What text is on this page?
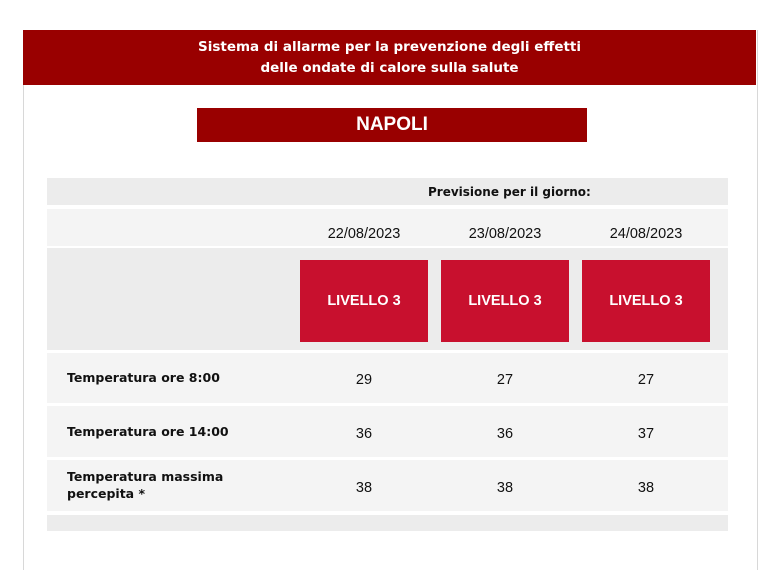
Sistema di allarme per la prevenzione degli effetti
delle ondate di calore sulla salute
NAPOLI
Previsione per il giorno:
22/08/2023	23/08/2023	24/08/2023
LIVELLO 3	LIVELLO 3	LIVELLO 3
Temperatura ore 8:00	29	27	27
Temperatura ore 14:00	36	36	37
Temperatura massima
percepita *	38	38	38
